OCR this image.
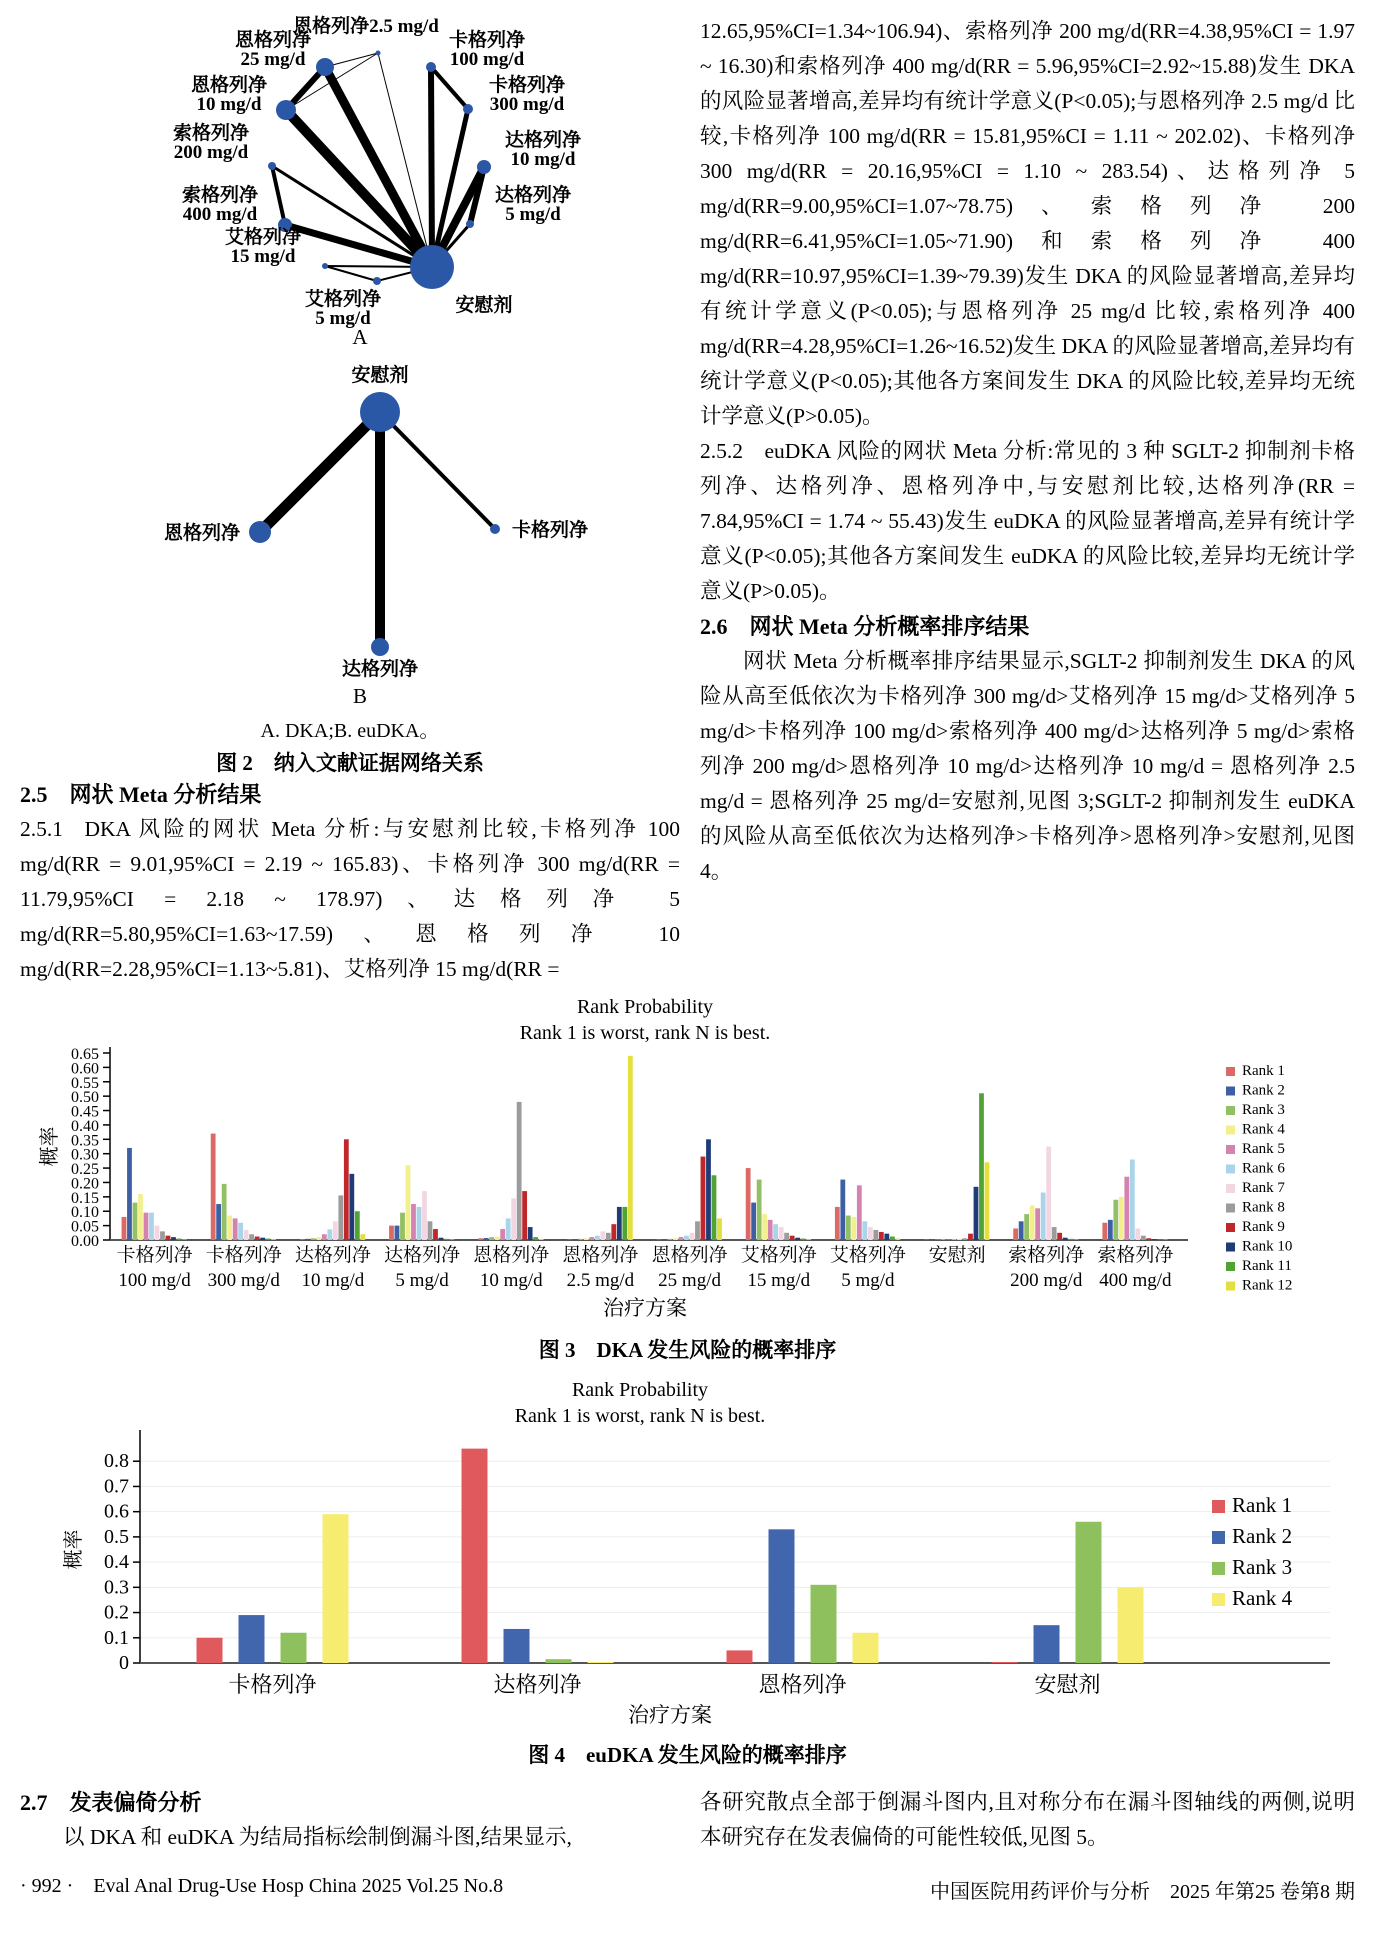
安慰剂
恩格列净2.5 mg/d
恩格列净 25 mg/d
恩格列净 10 mg/d
卡格列净 100 mg/d
卡格列净 300 mg/d
达格列净 10 mg/d
达格列净 5 mg/d
索格列净 200 mg/d
索格列净 400 mg/d
艾格列净 15 mg/d
艾格列净 5 mg/d
A
安慰剂
恩格列净	卡格列净
达格列净
B

A. DKA;B. euDKA。

图 2  纳入文献证据网络关系

2.5  网状 Meta 分析结果

2.5.1  DKA 风险的网状 Meta 分析:与安慰剂比较,卡格列净 100 mg/d(RR = 9.01,95%CI = 2.19 ~ 165.83)、卡格列净 300 mg/d(RR = 11.79,95%CI = 2.18 ~ 178.97)、达格列净 5 mg/d(RR=5.80,95%CI=1.63~17.59)、恩格列净 10 mg/d(RR=2.28,95%CI=1.13~5.81)、艾格列净 15 mg/d(RR =

12.65,95%CI=1.34~106.94)、索格列净 200 mg/d(RR=4.38,95%CI = 1.97 ~ 16.30)和索格列净 400 mg/d(RR = 5.96,95%CI=2.92~15.88)发生 DKA 的风险显著增高,差异均有统计学意义(P<0.05);与恩格列净 2.5 mg/d 比较,卡格列净 100 mg/d(RR = 15.81,95%CI = 1.11 ~ 202.02)、卡格列净 300 mg/d(RR = 20.16,95%CI = 1.10 ~ 283.54)、达格列净 5 mg/d(RR=9.00,95%CI=1.07~78.75)、索格列净 200 mg/d(RR=6.41,95%CI=1.05~71.90)和索格列净 400 mg/d(RR=10.97,95%CI=1.39~79.39)发生 DKA 的风险显著增高,差异均有统计学意义(P<0.05);与恩格列净 25 mg/d 比较,索格列净 400 mg/d(RR=4.28,95%CI=1.26~16.52)发生 DKA 的风险显著增高,差异均有统计学意义(P<0.05);其他各方案间发生 DKA 的风险比较,差异均无统计学意义(P>0.05)。

2.5.2  euDKA 风险的网状 Meta 分析:常见的 3 种 SGLT-2 抑制剂卡格列净、达格列净、恩格列净中,与安慰剂比较,达格列净(RR = 7.84,95%CI = 1.74 ~ 55.43)发生 euDKA 的风险显著增高,差异有统计学意义(P<0.05);其他各方案间发生 euDKA 的风险比较,差异均无统计学意义(P>0.05)。

2.6  网状 Meta 分析概率排序结果

网状 Meta 分析概率排序结果显示,SGLT-2 抑制剂发生 DKA 的风险从高至低依次为卡格列净 300 mg/d>艾格列净 15 mg/d>艾格列净 5 mg/d>卡格列净 100 mg/d>索格列净 400 mg/d>达格列净 5 mg/d>索格列净 200 mg/d>恩格列净 10 mg/d>达格列净 10 mg/d = 恩格列净 2.5 mg/d = 恩格列净 25 mg/d=安慰剂,见图 3;SGLT-2 抑制剂发生 euDKA 的风险从高至低依次为达格列净>卡格列净>恩格列净>安慰剂,见图 4。

Rank Probability
Rank 1 is worst, rank N is best.
0.00
0.05
0.10
0.15
0.20
0.25
0.30
0.35
0.40
0.45
0.50
0.55
0.60
0.65
卡格列净 100 mg/d
卡格列净 300 mg/d
达格列净 10 mg/d
达格列净 5 mg/d
恩格列净 10 mg/d
恩格列净 2.5 mg/d
恩格列净 25 mg/d
艾格列净 15 mg/d
艾格列净 5 mg/d
安慰剂 索格列净 200 mg/d
索格列净 400 mg/d
概率
治疗方案
Rank 1
Rank 2
Rank 3
Rank 4
Rank 5
Rank 6
Rank 7
Rank 8
Rank 9
Rank 10
Rank 11
Rank 12

图 3  DKA 发生风险的概率排序

Rank Probability
Rank 1 is worst, rank N is best.
0
0.1
0.2
0.3
0.4
0.5
0.6
0.7
0.8
卡格列净	达格列净	恩格列净	安慰剂
概率
治疗方案
Rank 1
Rank 2
Rank 3
Rank 4

图 4  euDKA 发生风险的概率排序

2.7  发表偏倚分析

以 DKA 和 euDKA 为结局指标绘制倒漏斗图,结果显示,

各研究散点全部于倒漏斗图内,且对称分布在漏斗图轴线的两侧,说明本研究存在发表偏倚的可能性较低,见图 5。

· 992 ·  Eval Anal Drug-Use Hosp China 2025 Vol.25 No.8	中国医院用药评价与分析  2025 年第25 卷第8 期
